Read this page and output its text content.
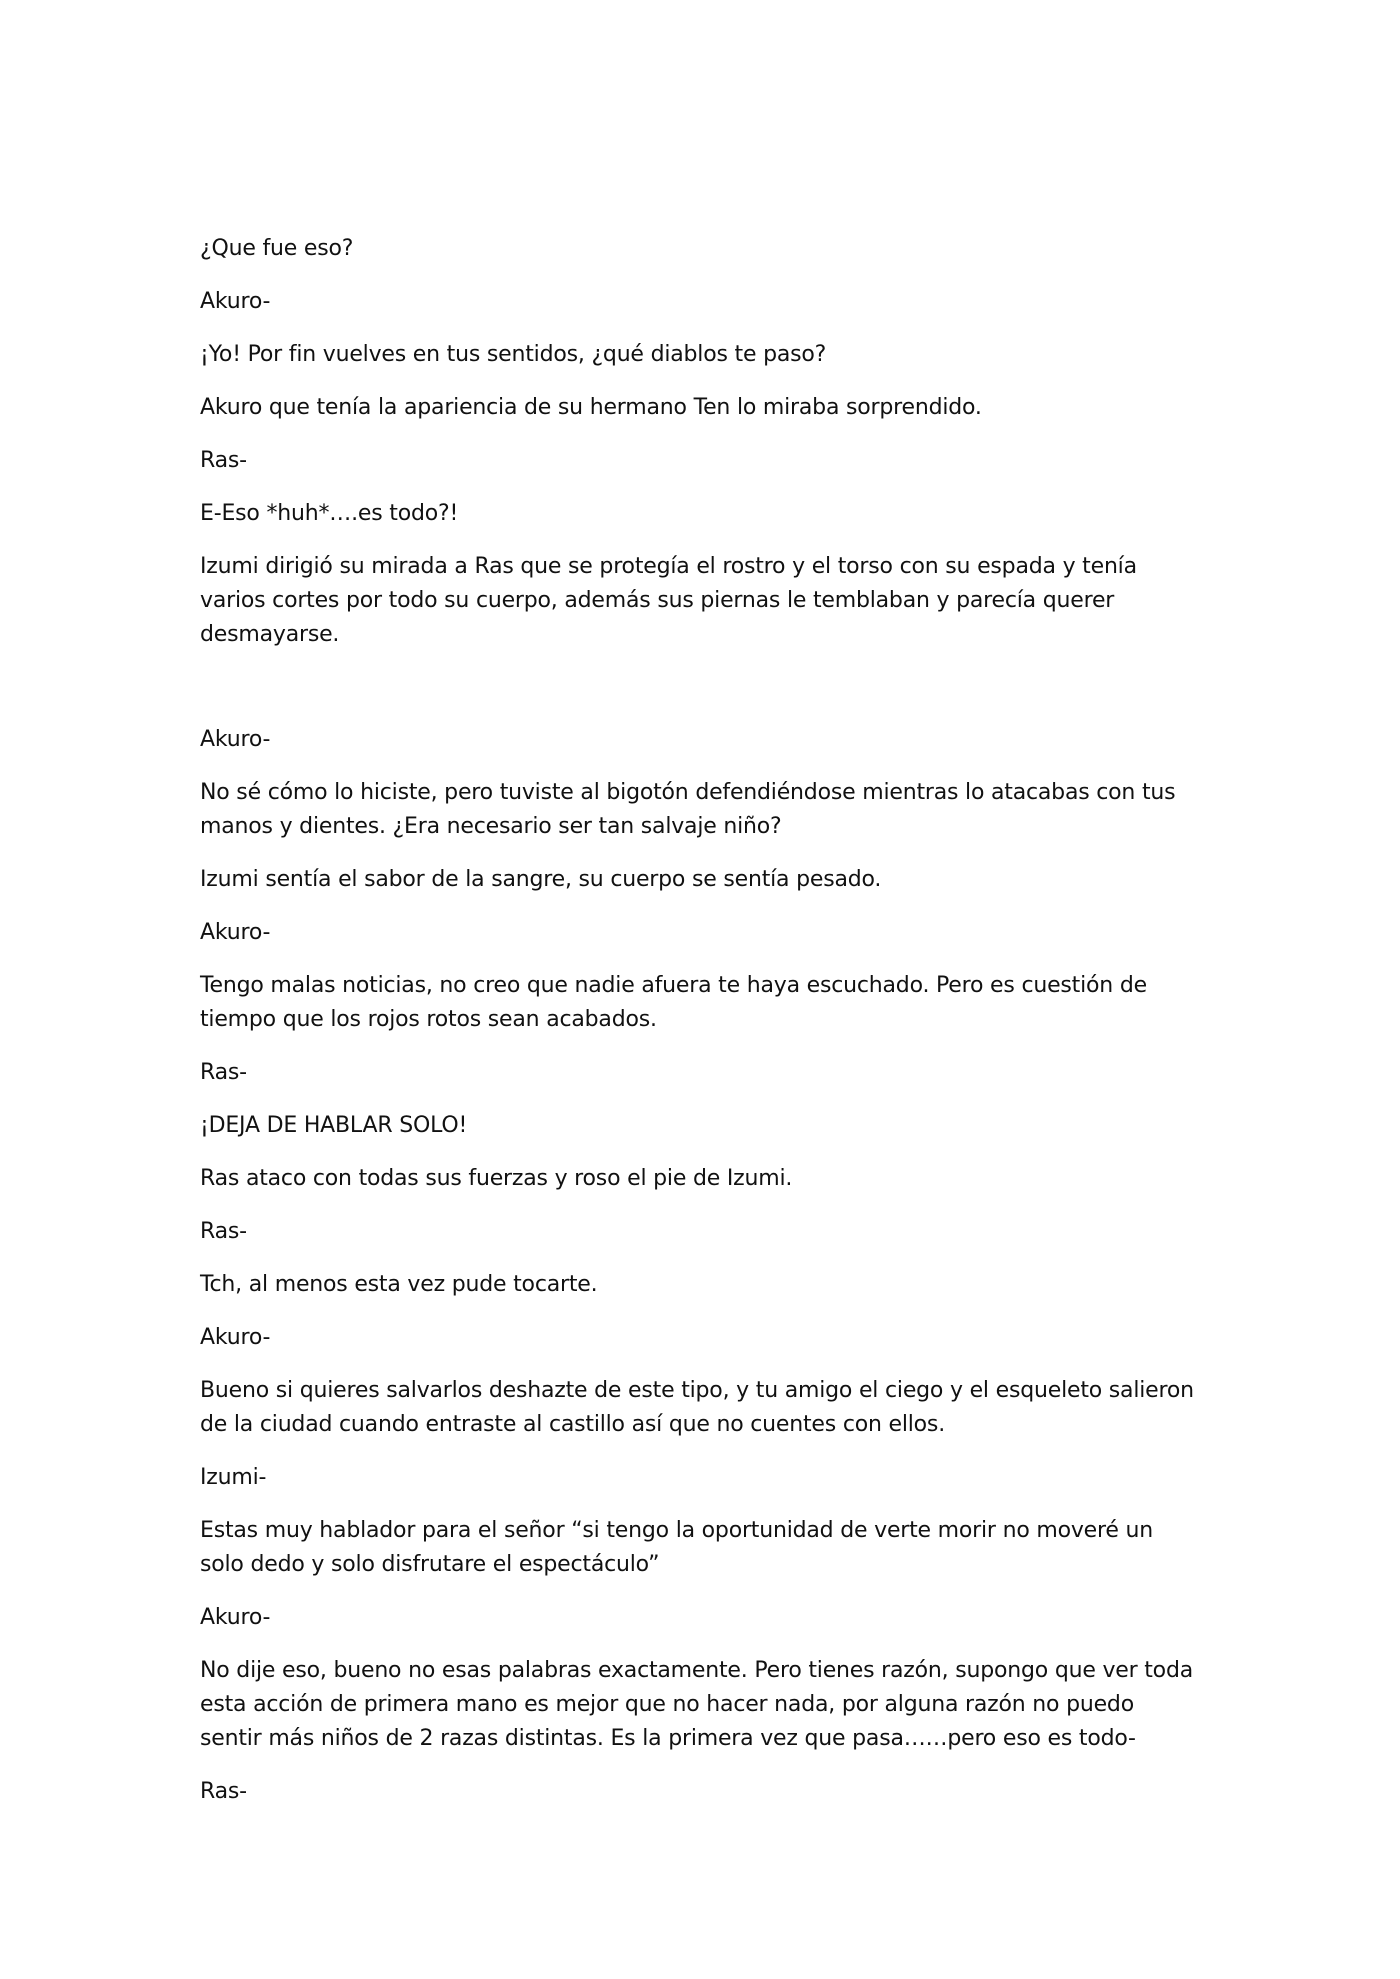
¿Que fue eso?

Akuro-

¡Yo! Por fin vuelves en tus sentidos, ¿qué diablos te paso?

Akuro que tenía la apariencia de su hermano Ten lo miraba sorprendido.

Ras-

E-Eso *huh*….es todo?!

Izumi dirigió su mirada a Ras que se protegía el rostro y el torso con su espada y tenía varios cortes por todo su cuerpo, además sus piernas le temblaban y parecía querer desmayarse.

Akuro-

No sé cómo lo hiciste, pero tuviste al bigotón defendiéndose mientras lo atacabas con tus manos y dientes. ¿Era necesario ser tan salvaje niño?

Izumi sentía el sabor de la sangre, su cuerpo se sentía pesado.

Akuro-

Tengo malas noticias, no creo que nadie afuera te haya escuchado. Pero es cuestión de tiempo que los rojos rotos sean acabados.

Ras-

¡DEJA DE HABLAR SOLO!

Ras ataco con todas sus fuerzas y roso el pie de Izumi.

Ras-

Tch, al menos esta vez pude tocarte.

Akuro-

Bueno si quieres salvarlos deshazte de este tipo, y tu amigo el ciego y el esqueleto salieron de la ciudad cuando entraste al castillo así que no cuentes con ellos.

Izumi-

Estas muy hablador para el señor “si tengo la oportunidad de verte morir no moveré un solo dedo y solo disfrutare el espectáculo”

Akuro-

No dije eso, bueno no esas palabras exactamente. Pero tienes razón, supongo que ver toda esta acción de primera mano es mejor que no hacer nada, por alguna razón no puedo sentir más niños de 2 razas distintas. Es la primera vez que pasa……pero eso es todo-

Ras-
